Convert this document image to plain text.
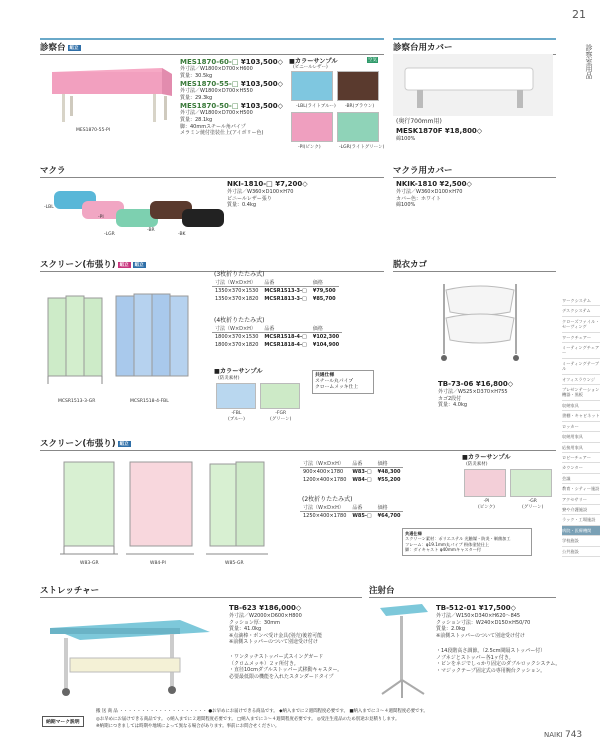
21
診察室用品
ワークシステム
デスクシステム
クローズファイル・セーヴィング
ワークチェアー
ミーティングチェアー
ミーティングテーブル
オフィスラウンジ
プレゼンテーション機器・黒板
収納家具
書棚・キャビネット
ロッカー
収納用家具
応接用家具
ロビーチェアー
カウンター
会議
教育・シティー施設
アクセサリー
寮や介護施設
ラック・工場施設
病院・医療機関
学校施設
公共施設
診察台 組立
MES1870-55-PI
MES1870-60-□ ¥103,500◇
外寸法／W1800×D700×H600
質量：30.5kg
MES1870-55-□ ¥103,500◇
外寸法／W1800×D700×H550
質量：29.3kg
MES1870-50-□ ¥103,500◇
外寸法／W1800×D700×H500
質量：28.1kg
脚：40mmスチール角パイプ
メラミン焼付塗装仕上(アイボリー色)
■カラーサンプル
(ビニールレザー)
空気
-LBL(ライトブルー) -BR(ブラウン)
-PI(ピンク)	-LGR(ライトグリーン)
診察台用カバー
(奥行700mm用)
MESK1870F ¥18,800◇
綿100%
マクラ
-LBL
-PI
-LGR
-BR
-BK
NKI-1810-□ ¥7,200◇
外寸法／W360×D100×H70
ビニールレザー張り
質量：0.4kg
マクラ用カバー
NKIK-1810 ¥2,500◇
外寸法／W360×D100×H70
カバー色：ホワイト
綿100%
スクリーン(布張り) 組立 組立
MCSR1513-3-GR	MCSR1518-4-FBL
(3枚折りたたみ式)
寸法（W×D×H）	品番	価格
1350×370×1530	MCSR1513-3-□	¥79,500
1350×370×1820	MCSR1813-3-□	¥85,700
(4枚折りたたみ式)
寸法（W×D×H）	品番	価格
1800×370×1530	MCSR1518-4-□	¥102,300
1800×370×1820	MCSR1818-4-□	¥104,900
■カラーサンプル
(防炎素材)
-FBL
(ブルー)
-FGR
(グリーン)
共通仕様
スチール丸パイプ
クロームメッキ仕上
脱衣カゴ
TB-73-06 ¥16,800◇
外寸法／W525×D370×H755
カゴ2段付
質量：4.0kg
スクリーン(布張り) 組立
W83-GR	W84-PI	W85-GR
寸法（W×D×H）	品番	価格
900×400×1780	W83-□	¥48,300
1200×400×1780	W84-□	¥55,200
(2枚折りたたみ式)
寸法（W×D×H）	品番	価格
1250×400×1780	W85-□	¥64,700
■カラーサンプル
(防炎素材)
-PI
(ピンク)
-GR
(グリーン)
共通仕様
スクリーン素材：ポリエステル 光触媒・防炎・制菌加工
フレーム：φ19.1mm丸パイプ 粉体塗装仕上
脚：ダイキャスト φ40mmキャスター付
ストレッチャー
TB-623 ¥186,000◇
外寸法／W2000×D600×H800
クッション厚：30mm
質量：41.0kg
※点滴棒・ボンベ受け金具(別売)後着可能
※前側ストッパーのついて別途受け付け
・ワンタッチストッパー式スイングガード
（クロムメッキ）２ヶ所付き。
・直径10cmダブルストッパー式移動キャスター。
必要最低限の機能を入れたスタンダードタイプ
注射台
TB-512-01 ¥17,500◇
外寸法／W150×D340×H620～845
クッション寸法：W240×D150×H50/70
質量：2.0kg
※前側ストッパーのついて別途受け付け
・14段階高さ調節。（2.5cm間隔ストッパー付）
ノブネジとストッパー各1ヶ付き。
・ピンをネジでしっかり固定のダブルロックシステム。
・マジックテープ固定式の専用腕台クッション。
納期マーク説明
搬 送 商 品 ・・・・・・・・・・・・・・・・・・・・ ●お早めにお届けできる商品です。 ◆納入までに２週間程度必要です。 ■納入までに３～４週間程度必要です。
◎お早めにお届けできる商品です。 ◇納入までに２週間程度必要です。 □納入までに３～４週間程度必要です。 ◎受注生産品のため別途お見積りします。
※納期につきましては時期や地域によって異なる場合があります。事前にお問合せください。
NAIKI 743
